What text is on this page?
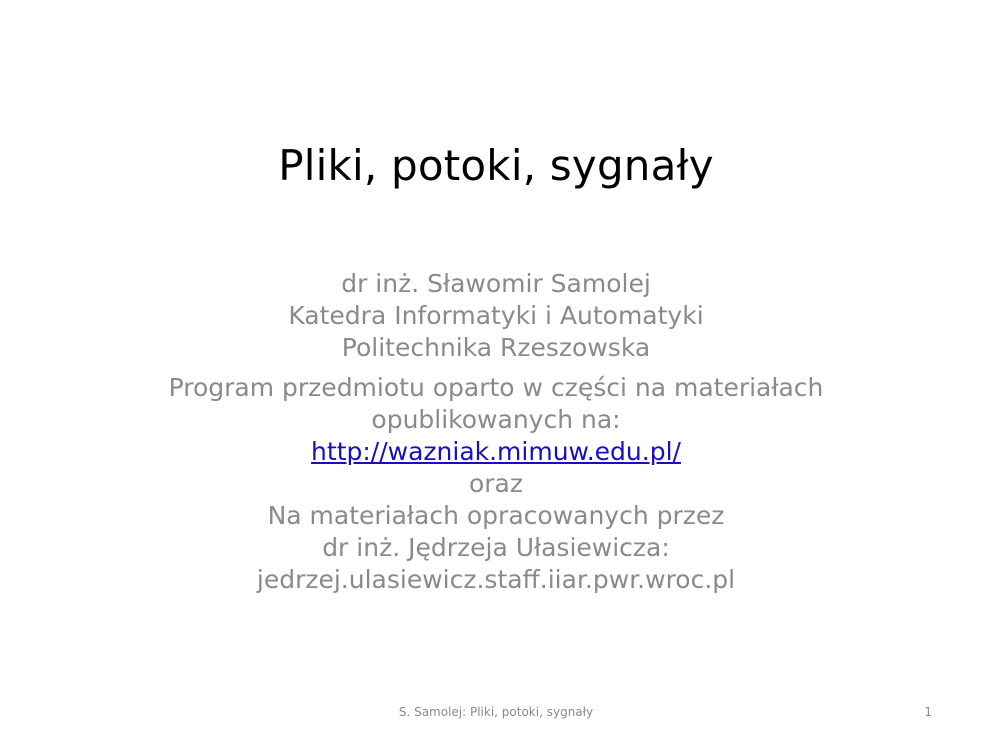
Pliki, potoki, sygnały
dr inż. Sławomir Samolej
Katedra Informatyki i Automatyki
Politechnika Rzeszowska
Program przedmiotu oparto w części na materiałach
opublikowanych na:
http://wazniak.mimuw.edu.pl/
oraz
Na materiałach opracowanych przez
dr inż. Jędrzeja Ułasiewicza:
jedrzej.ulasiewicz.staff.iiar.pwr.wroc.pl
S. Samolej: Pliki, potoki, sygnały	1
